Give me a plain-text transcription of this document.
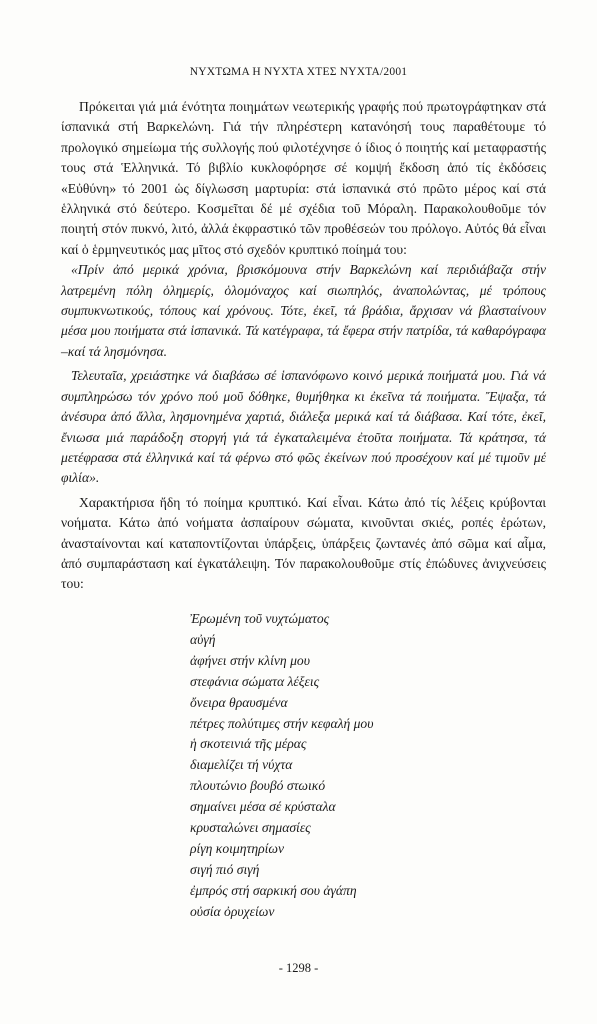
ΝΥΧΤΩΜΑ Η ΝΥΧΤΑ ΧΤΕΣ ΝΥΧΤΑ/2001

Πρόκειται γιά μιά ένότητα ποιημάτων νεωτερικής γραφής πού πρωτογράφτηκαν στά ίσπανικά στή Βαρκελώνη. Γιά τήν πληρέστερη κατανόησή τους παραθέτουμε τό προλογικό σημείωμα τής συλλογής πού φιλοτέχνησε ό ίδιος ό ποιητής καί μεταφραστής τους στά Ἑλληνικά. Τό βιβλίο κυκλοφόρησε σέ κομψή ἔκδοση ἀπό τίς ἐκδόσεις «Εὐθύνη» τό 2001 ὡς δίγλωσση μαρτυρία: στά ἱσπανικά στό πρῶτο μέρος καί στά ἑλληνικά στό δεύτερο. Κοσμεῖται δέ μέ σχέδια τοῦ Μόραλη. Παρακολουθοῦμε τόν ποιητή στόν πυκνό, λιτό, ἀλλά ἐκφραστικό τῶν προθέσεών του πρόλογο. Αὐτός θά εἶναι καί ὁ ἑρμηνευτικός μας μῖτος στό σχεδόν κρυπτικό ποίημά του:

«Πρίν ἀπό μερικά χρόνια, βρισκόμουνα στήν Βαρκελώνη καί περιδιάβαζα στήν λατρεμένη πόλη ὁλημερίς, ὁλομόναχος καί σιωπηλός, ἀναπολώντας, μέ τρόπους συμπυκνωτικούς, τόπους καί χρόνους. Τότε, ἐκεῖ, τά βράδια, ἄρχισαν νά βλασταίνουν μέσα μου ποιήματα στά ἱσπανικά. Τά κατέγραφα, τά ἔφερα στήν πατρίδα, τά καθαρόγραφα –καί τά λησμόνησα.

Τελευταῖα, χρειάστηκε νά διαβάσω σέ ἱσπανόφωνο κοινό μερικά ποιήματά μου. Γιά νά συμπληρώσω τόν χρόνο πού μοῦ δόθηκε, θυμήθηκα κι ἐκεῖνα τά ποιήματα. Ἔψαξα, τά ἀνέσυρα ἀπό ἄλλα, λησμονημένα χαρτιά, διάλεξα μερικά καί τά διάβασα. Καί τότε, ἐκεῖ, ἔνιωσα μιά παράδοξη στοργή γιά τά ἐγκαταλειμένα ἐτοῦτα ποιήματα. Τά κράτησα, τά μετέφρασα στά ἑλληνικά καί τά φέρνω στό φῶς ἐκείνων πού προσέχουν καί μέ τιμοῦν μέ φιλία».

Χαρακτήρισα ἤδη τό ποίημα κρυπτικό. Καί εἶναι. Κάτω ἀπό τίς λέξεις κρύβονται νοήματα. Κάτω ἀπό νοήματα ἀσπαίρουν σώματα, κινοῦνται σκιές, ροπές ἐρώτων, ἀνασταίνονται καί καταποντίζονται ὑπάρξεις, ὑπάρξεις ζωντανές ἀπό σῶμα καί αἷμα, ἀπό συμπαράσταση καί ἐγκατάλειψη. Τόν παρακολουθοῦμε στίς ἐπώδυνες ἀνιχνεύσεις του:

Ἐρωμένη τοῦ νυχτώματος
αὐγή
ἀφήνει στήν κλίνη μου
στεφάνια σώματα λέξεις
ὄνειρα θραυσμένα
πέτρες πολύτιμες στήν κεφαλή μου
ἡ σκοτεινιά τῆς μέρας
διαμελίζει τή νύχτα
πλουτώνιο βουβό στωικό
σημαίνει μέσα σέ κρύσταλα
κρυσταλώνει σημασίες
ρίγη κοιμητηρίων
σιγή πιό σιγή
ἐμπρός στή σαρκική σου ἀγάπη
οὐσία ὀρυχείων
- 1298 -
